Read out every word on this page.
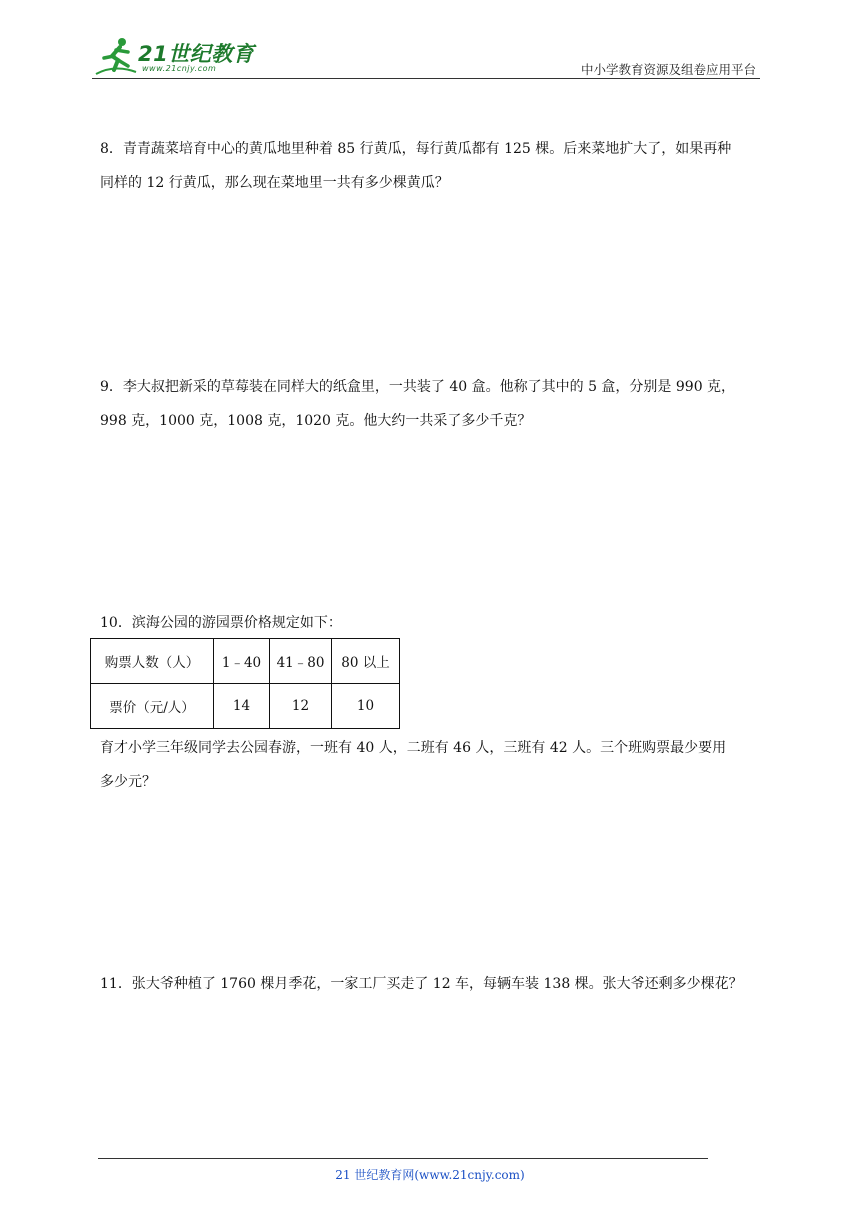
21世纪教育
www.21cnjy.com	中小学教育资源及组卷应用平台

8．青青蔬菜培育中心的黄瓜地里种着 85 行黄瓜，每行黄瓜都有 125 棵。后来菜地扩大了，如果再种

同样的 12 行黄瓜，那么现在菜地里一共有多少棵黄瓜？

9．李大叔把新采的草莓装在同样大的纸盒里，一共装了 40 盒。他称了其中的 5 盒，分别是 990 克，

998 克，1000 克，1008 克，1020 克。他大约一共采了多少千克？

10．滨海公园的游园票价格规定如下：

购票人数（人）	1﹣40	41﹣80	80 以上
票价（元/人）	14	12	10

育才小学三年级同学去公园春游，一班有 40 人，二班有 46 人，三班有 42 人。三个班购票最少要用

多少元？

11．张大爷种植了 1760 棵月季花，一家工厂买走了 12 车，每辆车装 138 棵。张大爷还剩多少棵花？

21 世纪教育网(www.21cnjy.com)
